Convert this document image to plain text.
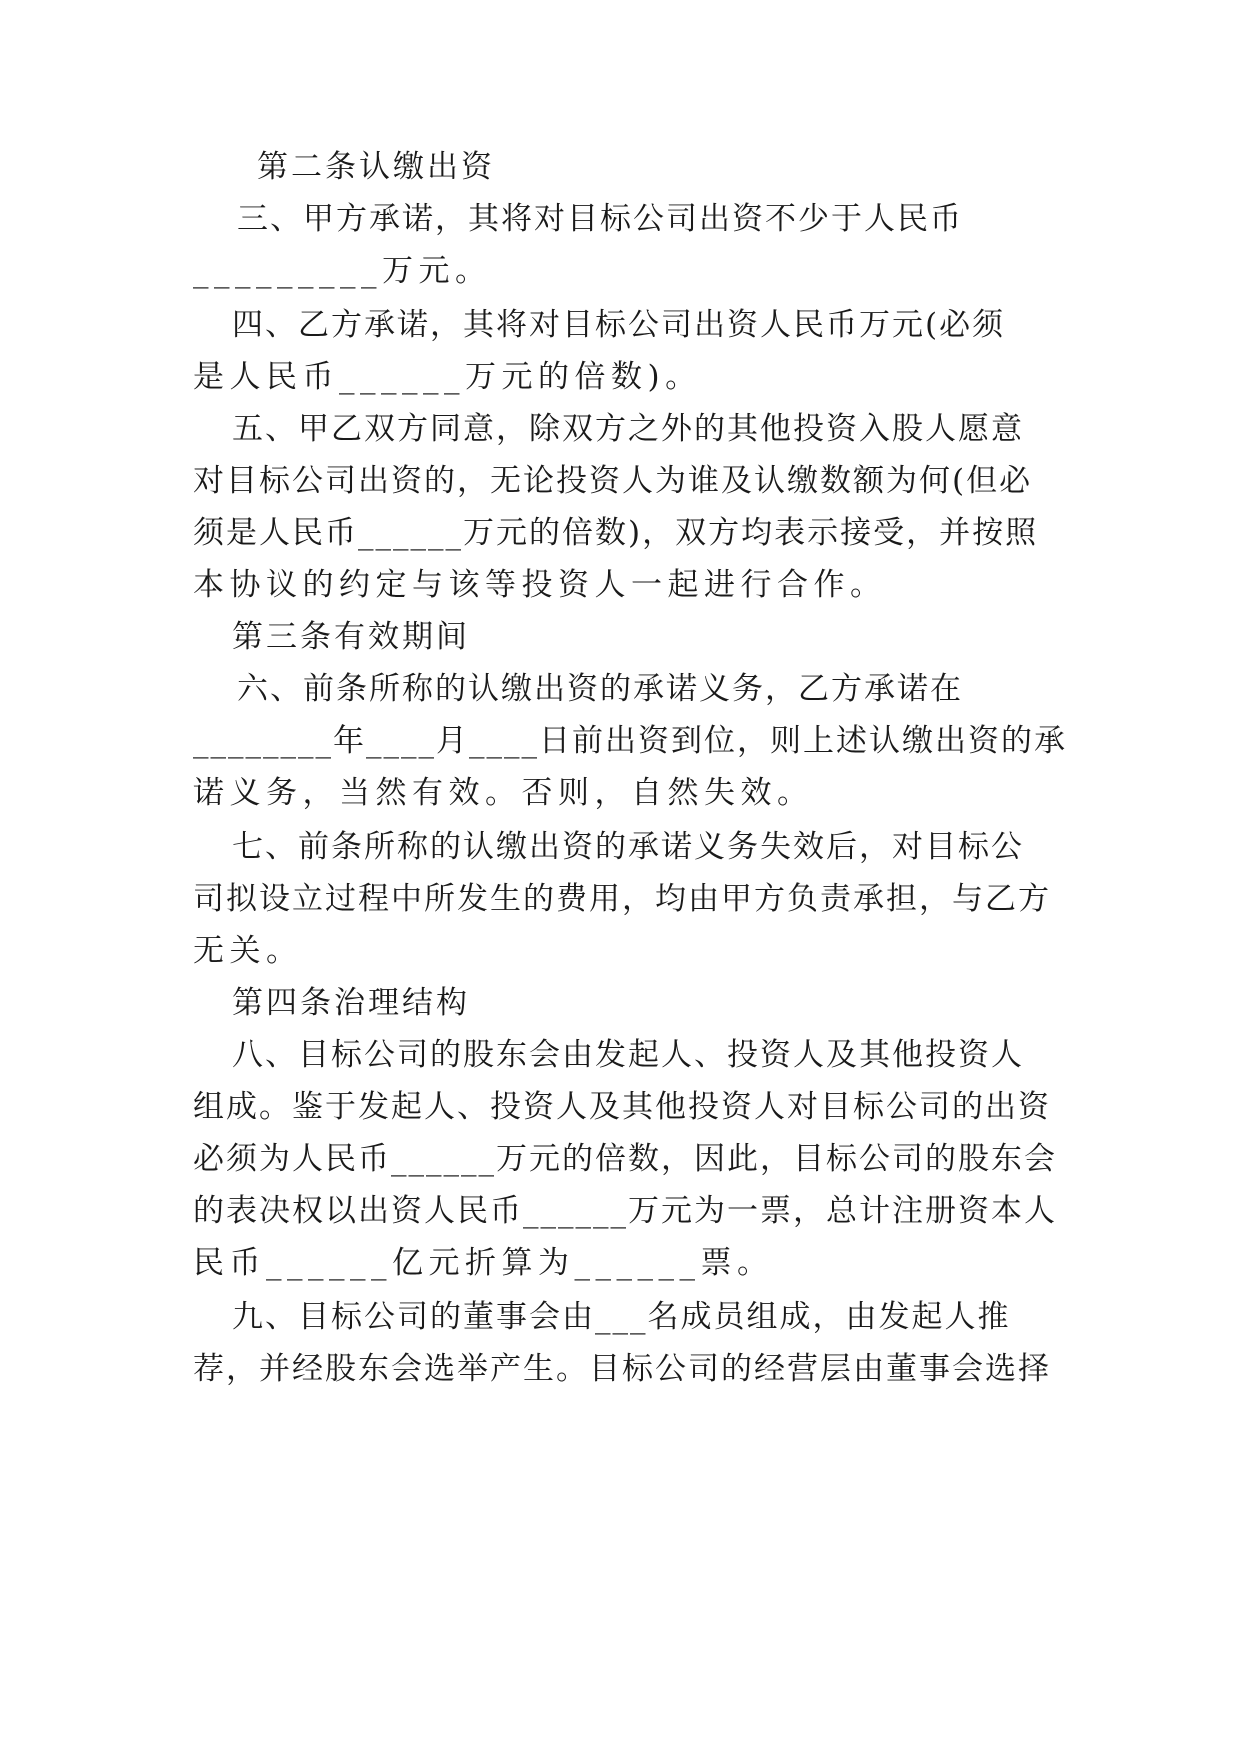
第二条认缴出资
三、甲方承诺，其将对目标公司出资不少于人民币
_________万元。
四、乙方承诺，其将对目标公司出资人民币万元(必须
是人民币______万元的倍数)。
五、甲乙双方同意，除双方之外的其他投资入股人愿意
对目标公司出资的，无论投资人为谁及认缴数额为何(但必
须是人民币______万元的倍数)，双方均表示接受，并按照
本协议的约定与该等投资人一起进行合作。
第三条有效期间
六、前条所称的认缴出资的承诺义务，乙方承诺在
________年____月____日前出资到位，则上述认缴出资的承
诺义务，当然有效。否则，自然失效。
七、前条所称的认缴出资的承诺义务失效后，对目标公
司拟设立过程中所发生的费用，均由甲方负责承担，与乙方
无关。
第四条治理结构
八、目标公司的股东会由发起人、投资人及其他投资人
组成。鉴于发起人、投资人及其他投资人对目标公司的出资
必须为人民币______万元的倍数，因此，目标公司的股东会
的表决权以出资人民币______万元为一票，总计注册资本人
民币______亿元折算为______票。
九、目标公司的董事会由___名成员组成，由发起人推
荐，并经股东会选举产生。目标公司的经营层由董事会选择
